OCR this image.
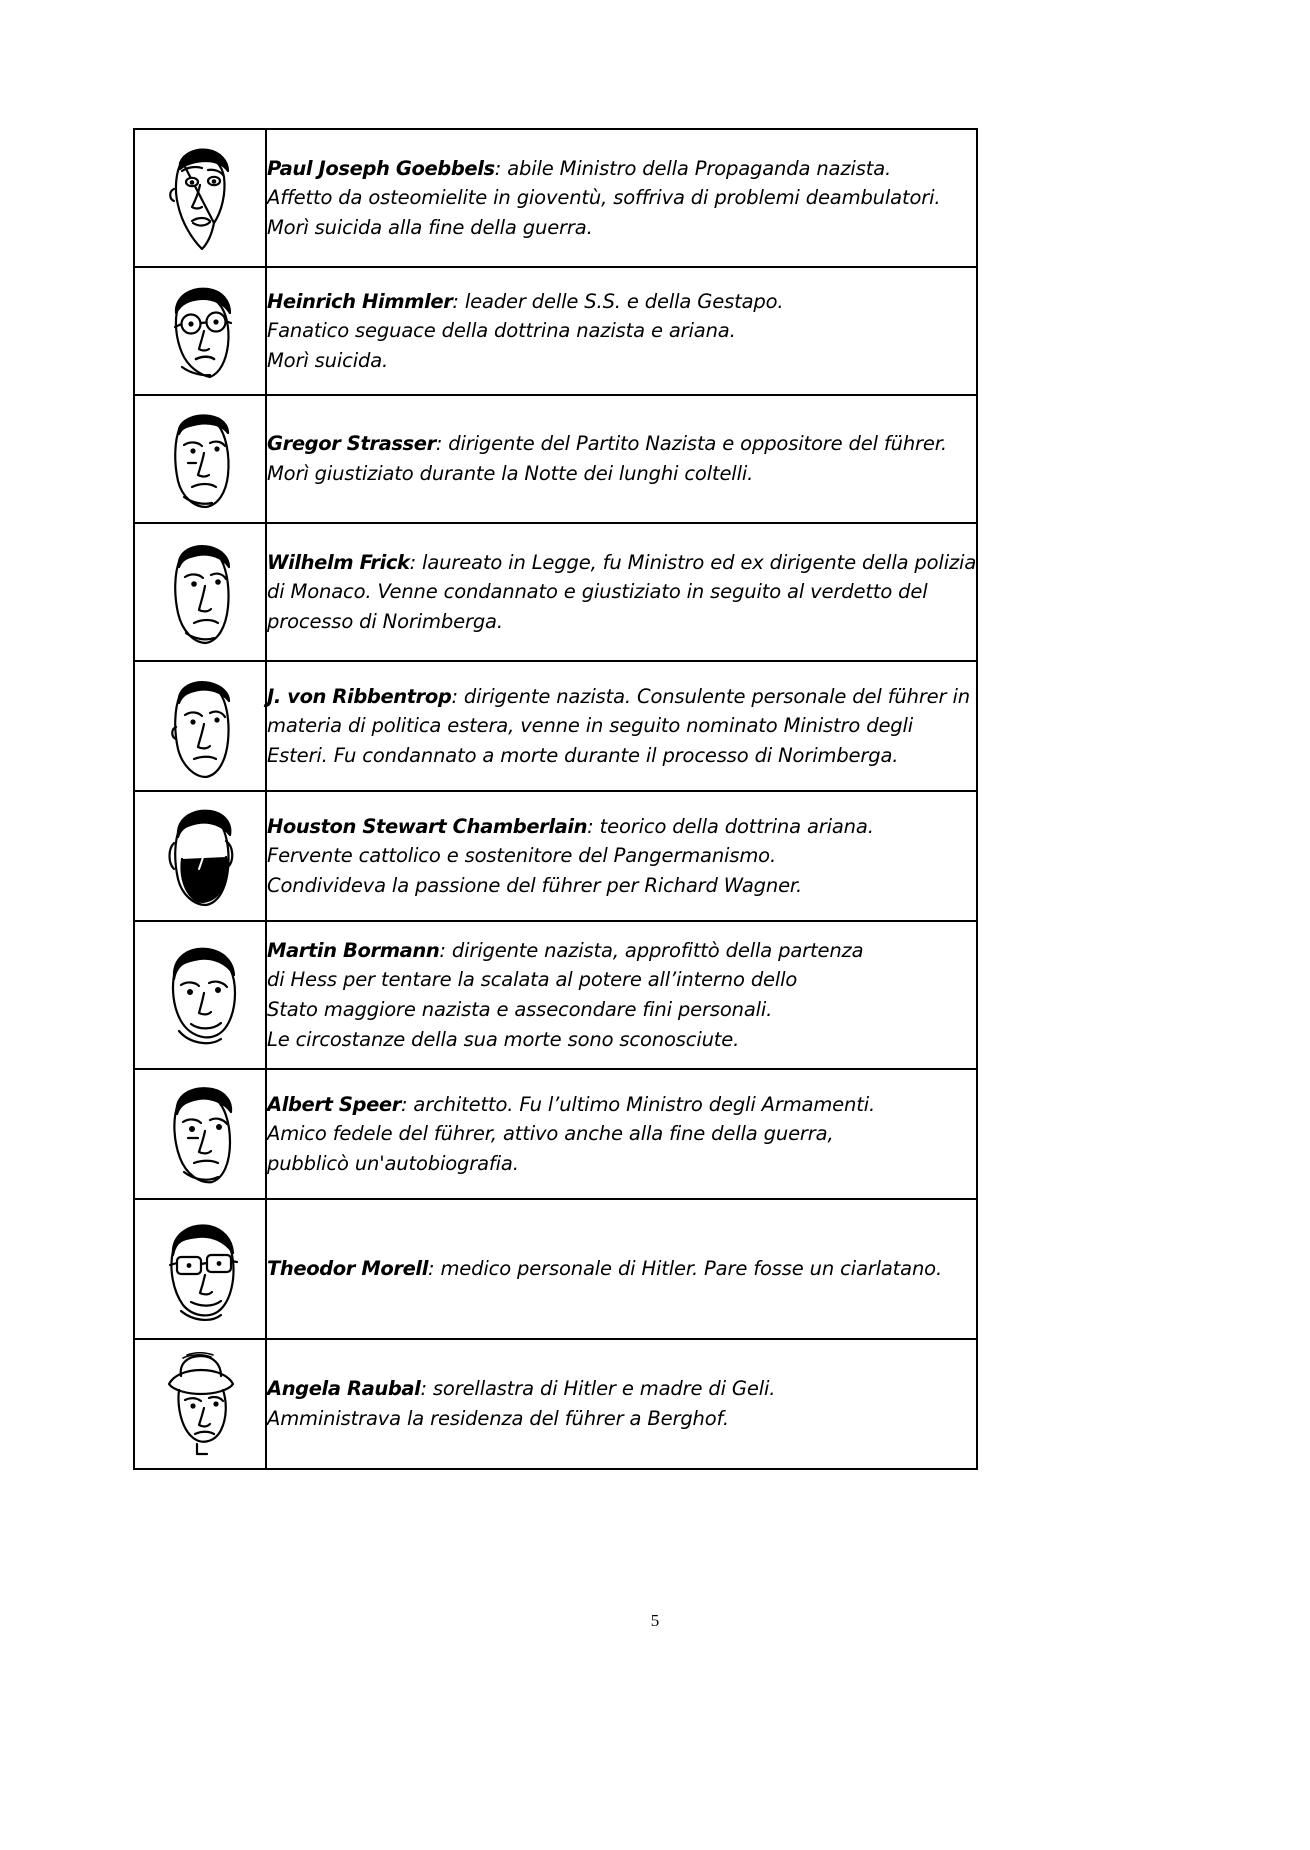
Paul Joseph Goebbels: abile Ministro della Propaganda nazista.
Affetto da osteomielite in gioventù, soffriva di problemi deambulatori.
Morì suicida alla fine della guerra.

Heinrich Himmler: leader delle S.S. e della Gestapo.
Fanatico seguace della dottrina nazista e ariana.
Morì suicida.

Gregor Strasser: dirigente del Partito Nazista e oppositore del führer.
Morì giustiziato durante la Notte dei lunghi coltelli.

Wilhelm Frick: laureato in Legge, fu Ministro ed ex dirigente della polizia
di Monaco. Venne condannato e giustiziato in seguito al verdetto del
processo di Norimberga.

J. von Ribbentrop: dirigente nazista. Consulente personale del führer in
materia di politica estera, venne in seguito nominato Ministro degli
Esteri. Fu condannato a morte durante il processo di Norimberga.

Houston Stewart Chamberlain: teorico della dottrina ariana.
Fervente cattolico e sostenitore del Pangermanismo.
Condivideva la passione del führer per Richard Wagner.

Martin Bormann: dirigente nazista, approfittò della partenza
di Hess per tentare la scalata al potere all’interno dello
Stato maggiore nazista e assecondare fini personali.
Le circostanze della sua morte sono sconosciute.

Albert Speer: architetto. Fu l’ultimo Ministro degli Armamenti.
Amico fedele del führer, attivo anche alla fine della guerra,
pubblicò un'autobiografia.

Theodor Morell: medico personale di Hitler. Pare fosse un ciarlatano.

Angela Raubal: sorellastra di Hitler e madre di Geli.
Amministrava la residenza del führer a Berghof.
5
